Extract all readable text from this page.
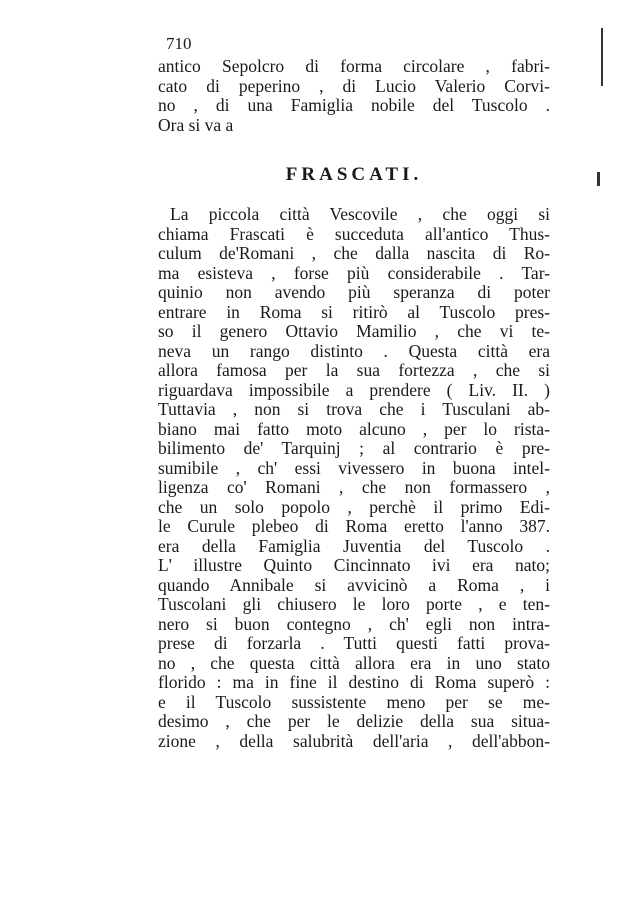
710
antico Sepolcro di forma circolare , fabri-
cato di peperino , di Lucio Valerio Corvi-
no , di una Famiglia nobile del Tuscolo .
Ora si va a
FRASCATI.
La piccola città Vescovile , che oggi si
chiama Frascati è succeduta all'antico Thus-
culum de'Romani , che dalla nascita di Ro-
ma esisteva , forse più considerabile . Tar-
quinio non avendo più speranza di poter
entrare in Roma si ritirò al Tuscolo pres-
so il genero Ottavio Mamilio , che vi te-
neva un rango distinto . Questa città era
allora famosa per la sua fortezza , che si
riguardava impossibile a prendere ( Liv. II. )
Tuttavia , non si trova che i Tusculani ab-
biano mai fatto moto alcuno , per lo rista-
bilimento de' Tarquinj ; al contrario è pre-
sumibile , ch' essi vivessero in buona intel-
ligenza co' Romani , che non formassero ,
che un solo popolo , perchè il primo Edi-
le Curule plebeo di Roma eretto l'anno 387.
era della Famiglia Juventia del Tuscolo .
L' illustre Quinto Cincinnato ivi era nato;
quando Annibale si avvicinò a Roma , i
Tuscolani gli chiusero le loro porte , e ten-
nero si buon contegno , ch' egli non intra-
prese di forzarla . Tutti questi fatti prova-
no , che questa città allora era in uno stato
florido : ma in fine il destino di Roma superò :
e il Tuscolo sussistente meno per se me-
desimo , che per le delizie della sua situa-
zione , della salubrità dell'aria , dell'abbon-
